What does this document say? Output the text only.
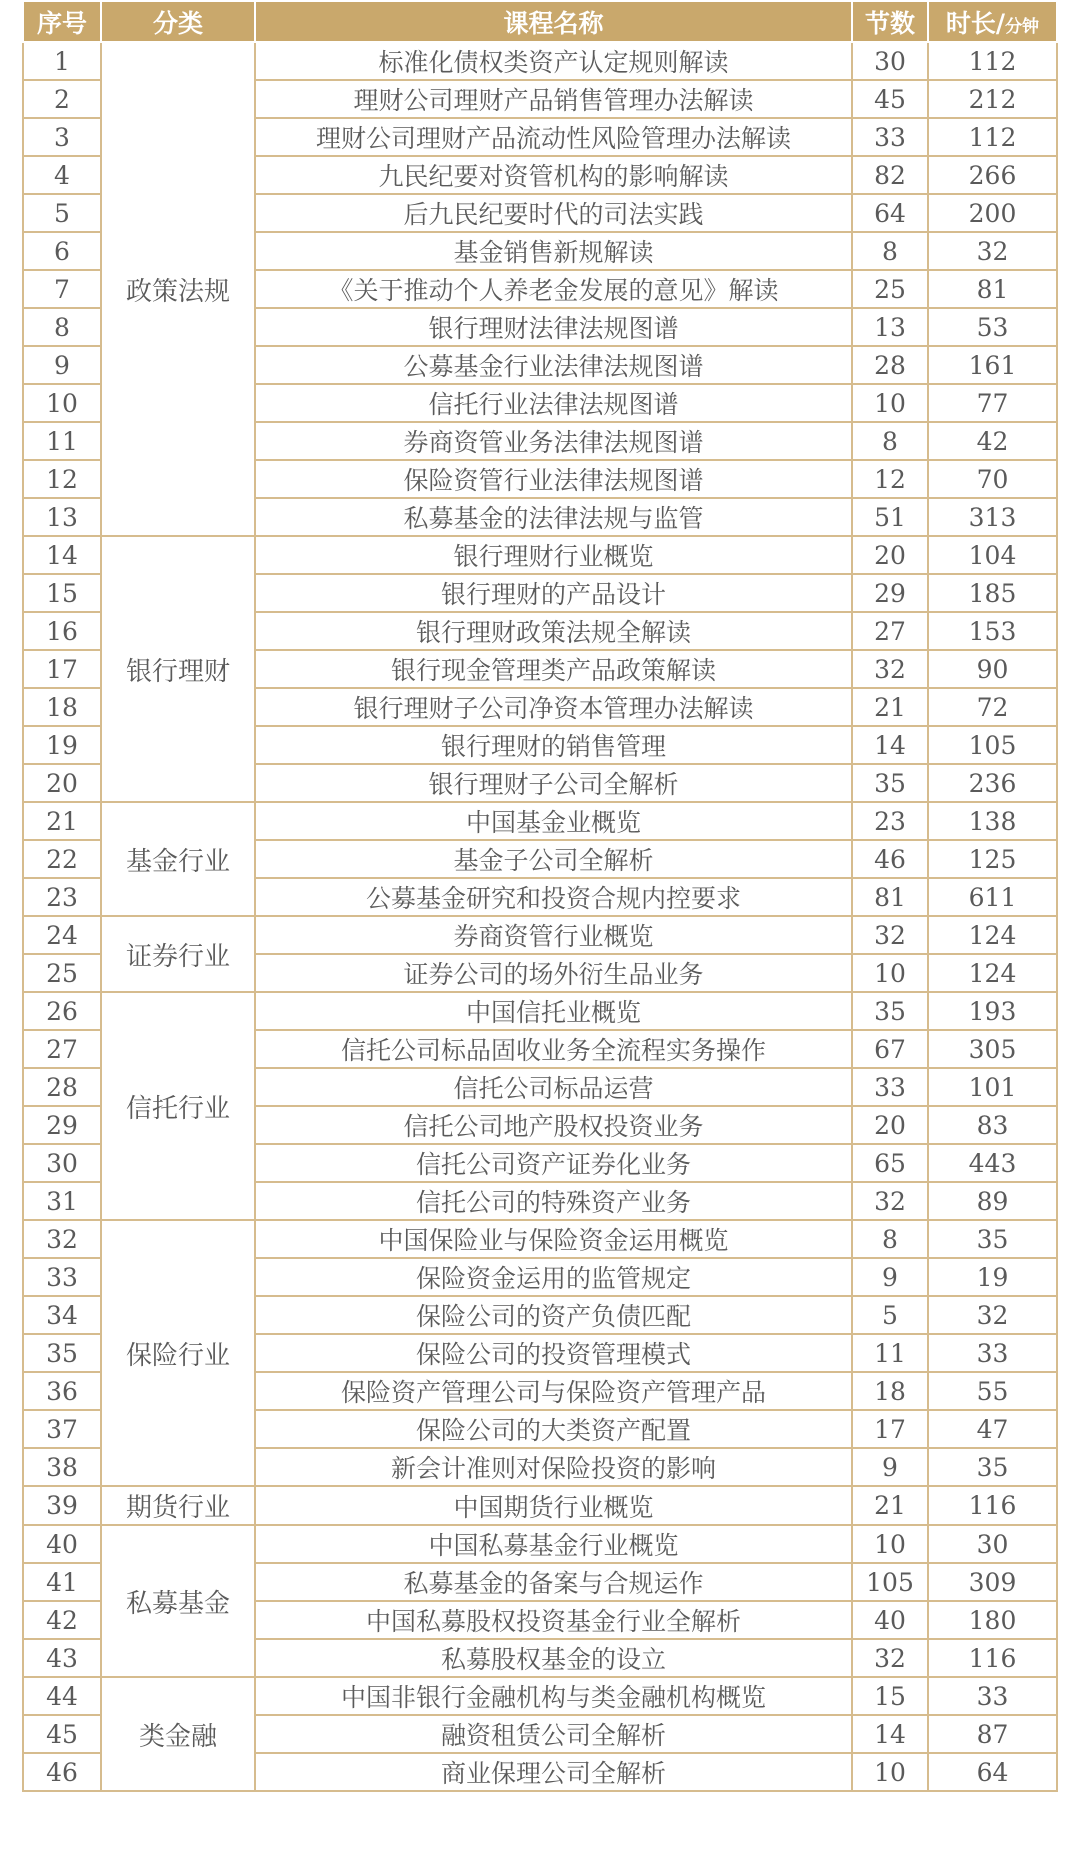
序号	分类	课程名称	节数	时长/分钟
1	政策法规	标准化债权类资产认定规则解读	30	112
2		理财公司理财产品销售管理办法解读	45	212
3		理财公司理财产品流动性风险管理办法解读	33	112
4		九民纪要对资管机构的影响解读	82	266
5		后九民纪要时代的司法实践	64	200
6		基金销售新规解读	8	32
7		《关于推动个人养老金发展的意见》解读	25	81
8		银行理财法律法规图谱	13	53
9		公募基金行业法律法规图谱	28	161
10		信托行业法律法规图谱	10	77
11		券商资管业务法律法规图谱	8	42
12		保险资管行业法律法规图谱	12	70
13		私募基金的法律法规与监管	51	313
14	银行理财	银行理财行业概览	20	104
15		银行理财的产品设计	29	185
16		银行理财政策法规全解读	27	153
17		银行现金管理类产品政策解读	32	90
18		银行理财子公司净资本管理办法解读	21	72
19		银行理财的销售管理	14	105
20		银行理财子公司全解析	35	236
21	基金行业	中国基金业概览	23	138
22		基金子公司全解析	46	125
23		公募基金研究和投资合规内控要求	81	611
24	证券行业	券商资管行业概览	32	124
25		证券公司的场外衍生品业务	10	124
26	信托行业	中国信托业概览	35	193
27		信托公司标品固收业务全流程实务操作	67	305
28		信托公司标品运营	33	101
29		信托公司地产股权投资业务	20	83
30		信托公司资产证券化业务	65	443
31		信托公司的特殊资产业务	32	89
32	保险行业	中国保险业与保险资金运用概览	8	35
33		保险资金运用的监管规定	9	19
34		保险公司的资产负债匹配	5	32
35		保险公司的投资管理模式	11	33
36		保险资产管理公司与保险资产管理产品	18	55
37		保险公司的大类资产配置	17	47
38		新会计准则对保险投资的影响	9	35
39	期货行业	中国期货行业概览	21	116
40	私募基金	中国私募基金行业概览	10	30
41		私募基金的备案与合规运作	105	309
42		中国私募股权投资基金行业全解析	40	180
43		私募股权基金的设立	32	116
44	类金融	中国非银行金融机构与类金融机构概览	15	33
45		融资租赁公司全解析	14	87
46		商业保理公司全解析	10	64
